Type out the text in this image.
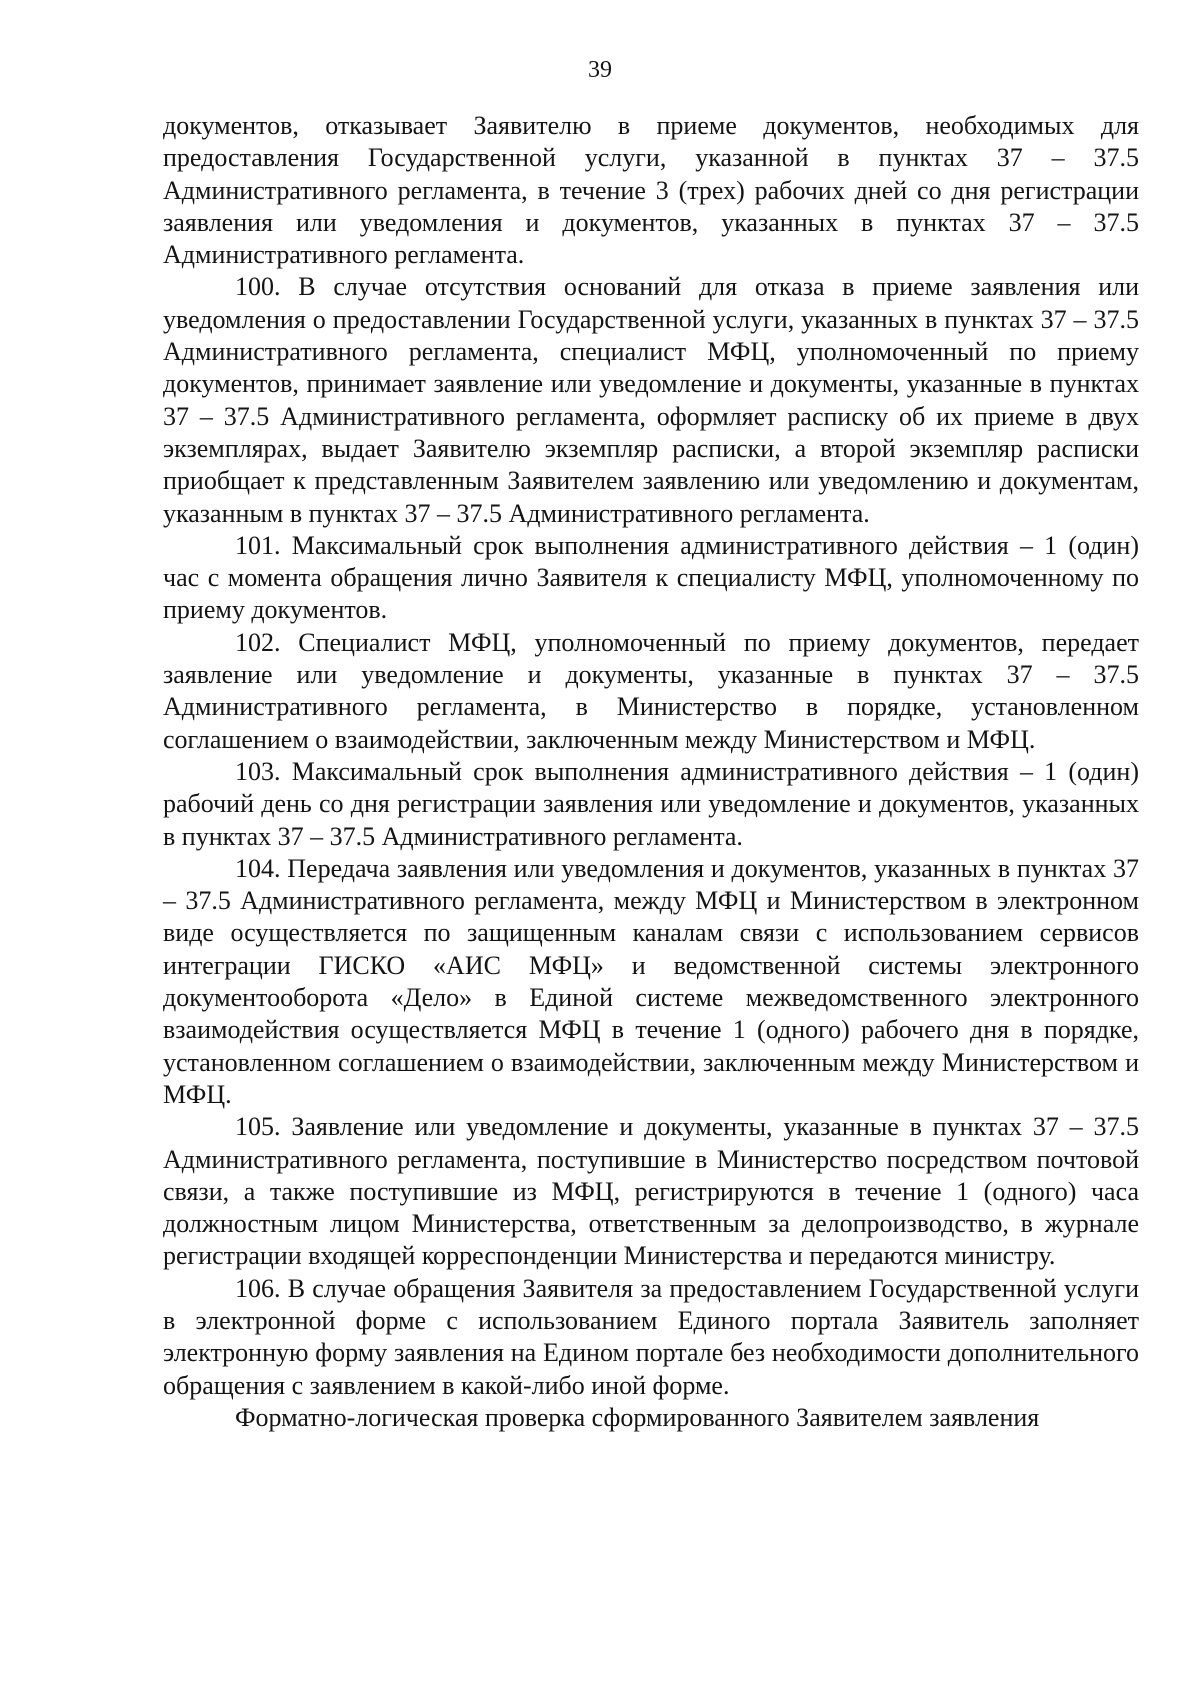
39

документов, отказывает Заявителю в приеме документов, необходимых для предоставления Государственной услуги, указанной в пунктах 37 – 37.5 Административного регламента, в течение 3 (трех) рабочих дней со дня регистрации заявления или уведомления и документов, указанных в пунктах 37 – 37.5 Административного регламента.

100. В случае отсутствия оснований для отказа в приеме заявления или уведомления о предоставлении Государственной услуги, указанных в пунктах 37 – 37.5 Административного регламента, специалист МФЦ, уполномоченный по приему документов, принимает заявление или уведомление и документы, указанные в пунктах 37 – 37.5 Административного регламента, оформляет расписку об их приеме в двух экземплярах, выдает Заявителю экземпляр расписки, а второй экземпляр расписки приобщает к представленным Заявителем заявлению или уведомлению и документам, указанным в пунктах 37 – 37.5 Административного регламента.

101. Максимальный срок выполнения административного действия – 1 (один) час с момента обращения лично Заявителя к специалисту МФЦ, уполномоченному по приему документов.

102. Специалист МФЦ, уполномоченный по приему документов, передает заявление или уведомление и документы, указанные в пунктах 37 – 37.5 Административного регламента, в Министерство в порядке, установленном соглашением о взаимодействии, заключенным между Министерством и МФЦ.

103. Максимальный срок выполнения административного действия – 1 (один) рабочий день со дня регистрации заявления или уведомление и документов, указанных в пунктах 37 – 37.5 Административного регламента.

104. Передача заявления или уведомления и документов, указанных в пунктах 37 – 37.5 Административного регламента, между МФЦ и Министерством в электронном виде осуществляется по защищенным каналам связи с использованием сервисов интеграции ГИСКО «АИС МФЦ» и ведомственной системы электронного документооборота «Дело» в Единой системе межведомственного электронного взаимодействия осуществляется МФЦ в течение 1 (одного) рабочего дня в порядке, установленном соглашением о взаимодействии, заключенным между Министерством и МФЦ.

105. Заявление или уведомление и документы, указанные в пунктах 37 – 37.5 Административного регламента, поступившие в Министерство посредством почтовой связи, а также поступившие из МФЦ, регистрируются в течение 1 (одного) часа должностным лицом Министерства, ответственным за делопроизводство, в журнале регистрации входящей корреспонденции Министерства и передаются министру.

106. В случае обращения Заявителя за предоставлением Государственной услуги в электронной форме с использованием Единого портала Заявитель заполняет электронную форму заявления на Едином портале без необходимости дополнительного обращения с заявлением в какой-либо иной форме.

Форматно-логическая проверка сформированного Заявителем заявления
